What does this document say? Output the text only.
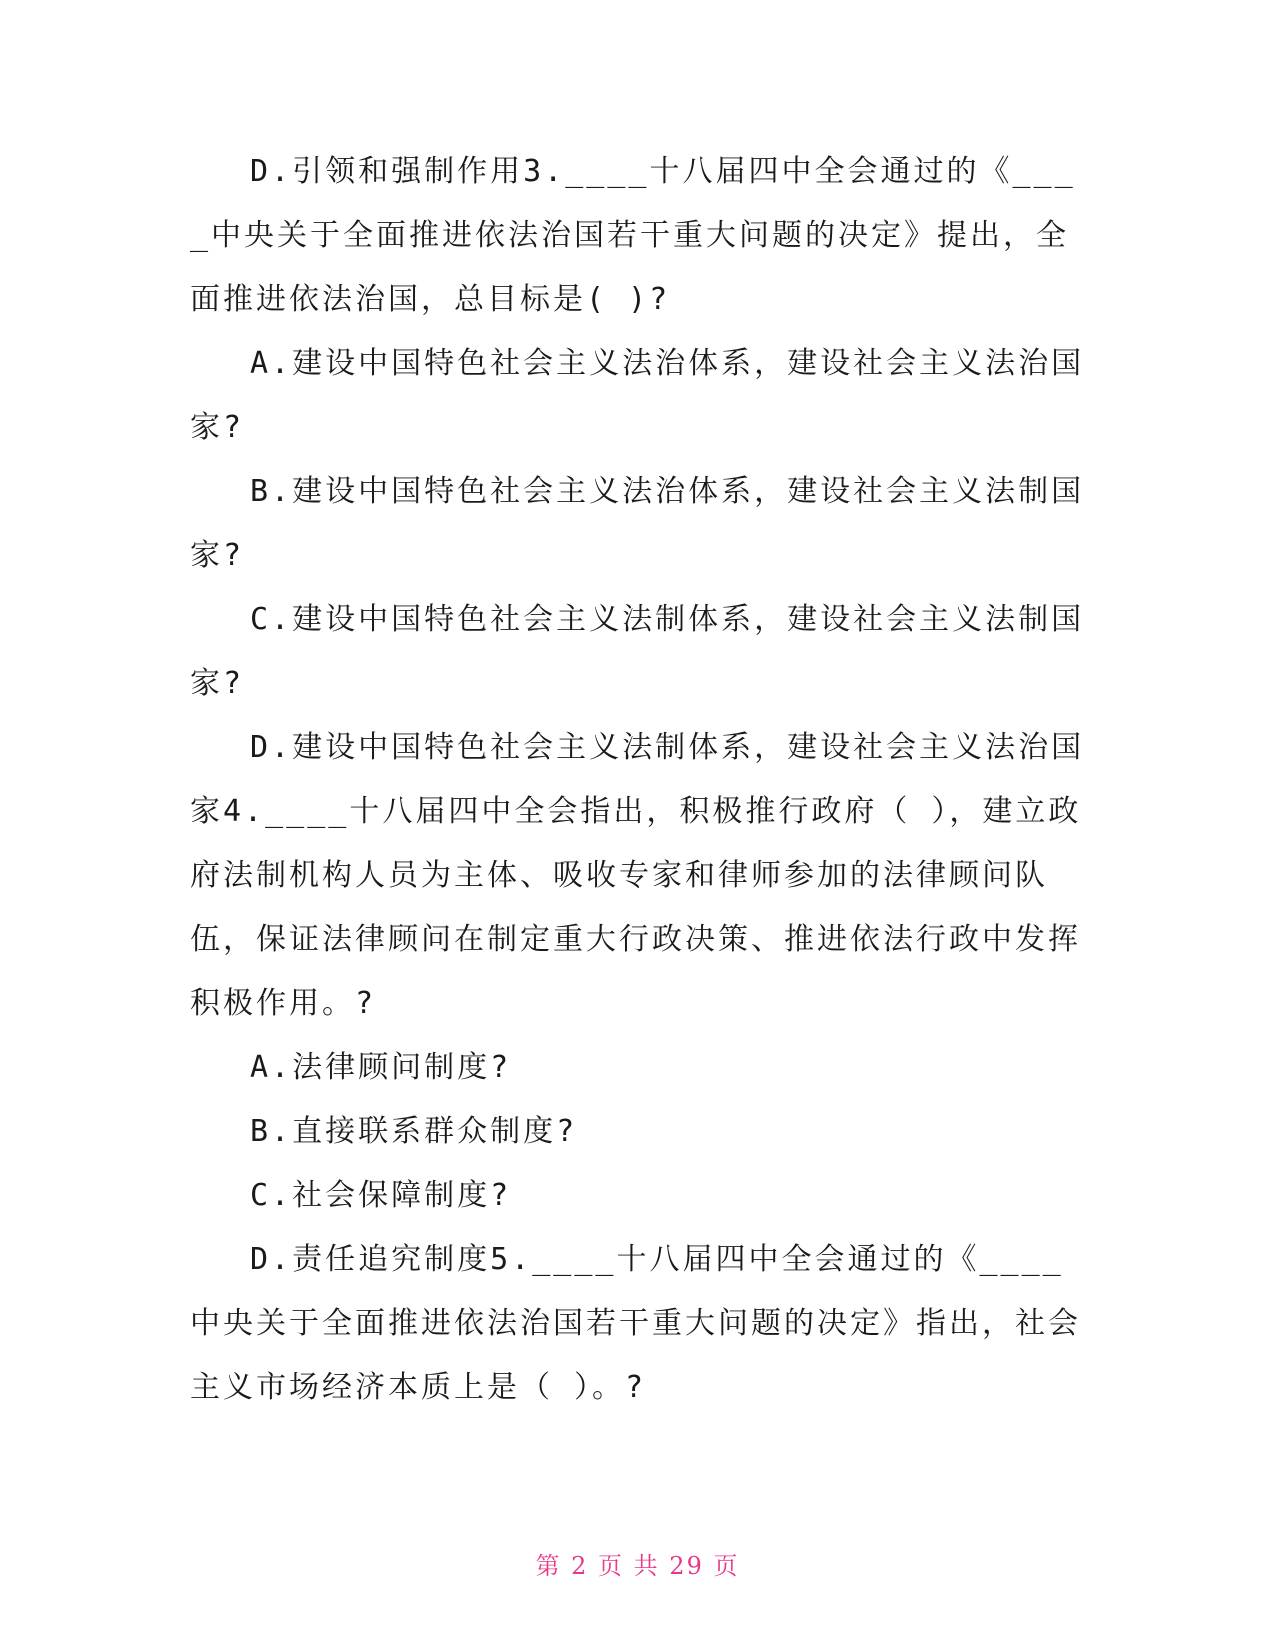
D.引领和强制作用3.____十八届四中全会通过的《____中央关于全面推进依法治国若干重大问题的决定》提出，全面推进依法治国，总目标是( )?

A.建设中国特色社会主义法治体系，建设社会主义法治国家?

B.建设中国特色社会主义法治体系，建设社会主义法制国家?

C.建设中国特色社会主义法制体系，建设社会主义法制国家?

D.建设中国特色社会主义法制体系，建设社会主义法治国家4.____十八届四中全会指出，积极推行政府（ ），建立政府法制机构人员为主体、吸收专家和律师参加的法律顾问队伍，保证法律顾问在制定重大行政决策、推进依法行政中发挥积极作用。?

A.法律顾问制度?

B.直接联系群众制度?

C.社会保障制度?

D.责任追究制度5.____十八届四中全会通过的《____中央关于全面推进依法治国若干重大问题的决定》指出，社会主义市场经济本质上是（ ）。?

第 2 页 共 29 页
